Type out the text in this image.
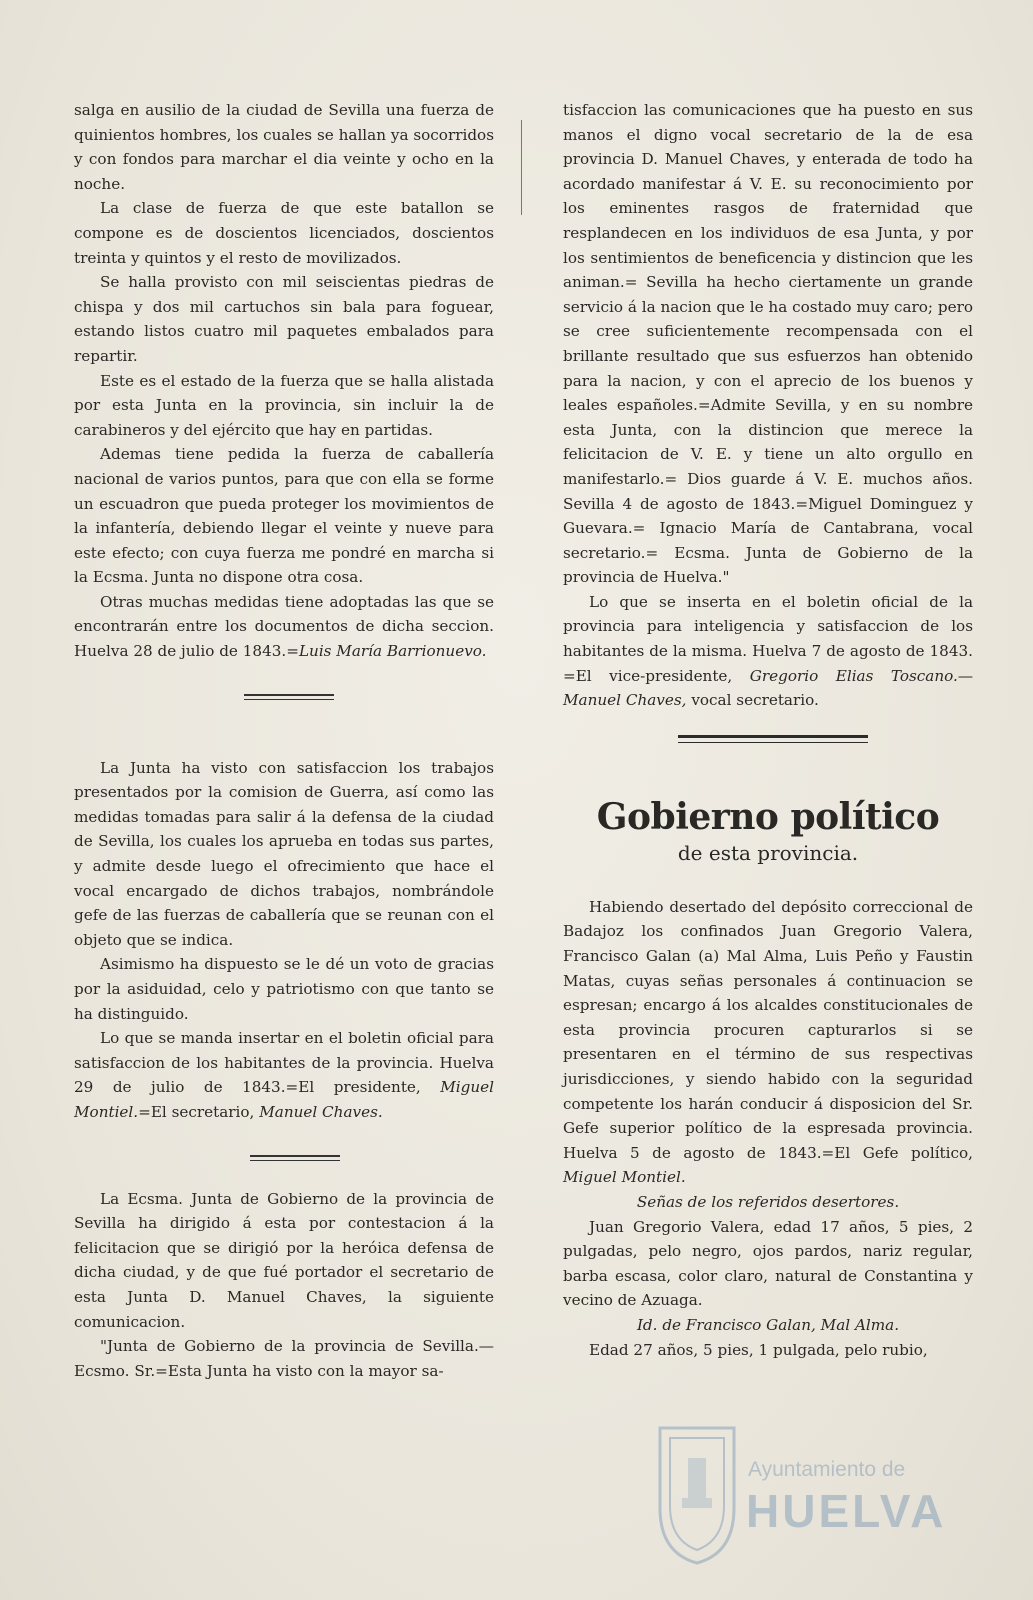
salga en ausilio de la ciudad de Sevilla una fuerza de quinientos hombres, los cuales se hallan ya socorridos y con fondos para marchar el dia veinte y ocho en la noche.

La clase de fuerza de que este batallon se compone es de doscientos licenciados, doscientos treinta y quintos y el resto de movilizados.

Se halla provisto con mil seiscientas piedras de chispa y dos mil cartuchos sin bala para foguear, estando listos cuatro mil paquetes embalados para repartir.

Este es el estado de la fuerza que se halla alistada por esta Junta en la provincia, sin incluir la de carabineros y del ejército que hay en partidas.

Ademas tiene pedida la fuerza de caballería nacional de varios puntos, para que con ella se forme un escuadron que pueda proteger los movimientos de la infantería, debiendo llegar el veinte y nueve para este efecto; con cuya fuerza me pondré en marcha si la Ecsma. Junta no dispone otra cosa.

Otras muchas medidas tiene adoptadas las que se encontrarán entre los documentos de dicha seccion. Huelva 28 de julio de 1843.=Luis María Barrionuevo.

La Junta ha visto con satisfaccion los trabajos presentados por la comision de Guerra, así como las medidas tomadas para salir á la defensa de la ciudad de Sevilla, los cuales los aprueba en todas sus partes, y admite desde luego el ofrecimiento que hace el vocal encargado de dichos trabajos, nombrándole gefe de las fuerzas de caballería que se reunan con el objeto que se indica.

Asimismo ha dispuesto se le dé un voto de gracias por la asiduidad, celo y patriotismo con que tanto se ha distinguido.

Lo que se manda insertar en el boletin oficial para satisfaccion de los habitantes de la provincia. Huelva 29 de julio de 1843.=El presidente, Miguel Montiel.=El secretario, Manuel Chaves.

La Ecsma. Junta de Gobierno de la provincia de Sevilla ha dirigido á esta por contestacion á la felicitacion que se dirigió por la heróica defensa de dicha ciudad, y de que fué portador el secretario de esta Junta D. Manuel Chaves, la siguiente comunicacion.

"Junta de Gobierno de la provincia de Sevilla.— Ecsmo. Sr.=Esta Junta ha visto con la mayor sa-

tisfaccion las comunicaciones que ha puesto en sus manos el digno vocal secretario de la de esa provincia D. Manuel Chaves, y enterada de todo ha acordado manifestar á V. E. su reconocimiento por los eminentes rasgos de fraternidad que resplandecen en los individuos de esa Junta, y por los sentimientos de beneficencia y distincion que les animan.= Sevilla ha hecho ciertamente un grande servicio á la nacion que le ha costado muy caro; pero se cree suficientemente recompensada con el brillante resultado que sus esfuerzos han obtenido para la nacion, y con el aprecio de los buenos y leales españoles.=Admite Sevilla, y en su nombre esta Junta, con la distincion que merece la felicitacion de V. E. y tiene un alto orgullo en manifestarlo.= Dios guarde á V. E. muchos años. Sevilla 4 de agosto de 1843.=Miguel Dominguez y Guevara.= Ignacio María de Cantabrana, vocal secretario.= Ecsma. Junta de Gobierno de la provincia de Huelva."

Lo que se inserta en el boletin oficial de la provincia para inteligencia y satisfaccion de los habitantes de la misma. Huelva 7 de agosto de 1843. =El vice-presidente, Gregorio Elias Toscano.—Manuel Chaves, vocal secretario.

Gobierno político
de esta provincia.

Habiendo desertado del depósito correccional de Badajoz los confinados Juan Gregorio Valera, Francisco Galan (a) Mal Alma, Luis Peño y Faustin Matas, cuyas señas personales á continuacion se espresan; encargo á los alcaldes constitucionales de esta provincia procuren capturarlos si se presentaren en el término de sus respectivas jurisdicciones, y siendo habido con la seguridad competente los harán conducir á disposicion del Sr. Gefe superior político de la espresada provincia. Huelva 5 de agosto de 1843.=El Gefe político, Miguel Montiel.

Señas de los referidos desertores.

Juan Gregorio Valera, edad 17 años, 5 pies, 2 pulgadas, pelo negro, ojos pardos, nariz regular, barba escasa, color claro, natural de Constantina y vecino de Azuaga.

Id. de Francisco Galan, Mal Alma.

Edad 27 años, 5 pies, 1 pulgada, pelo rubio,

Ayuntamiento de
HUELVA
